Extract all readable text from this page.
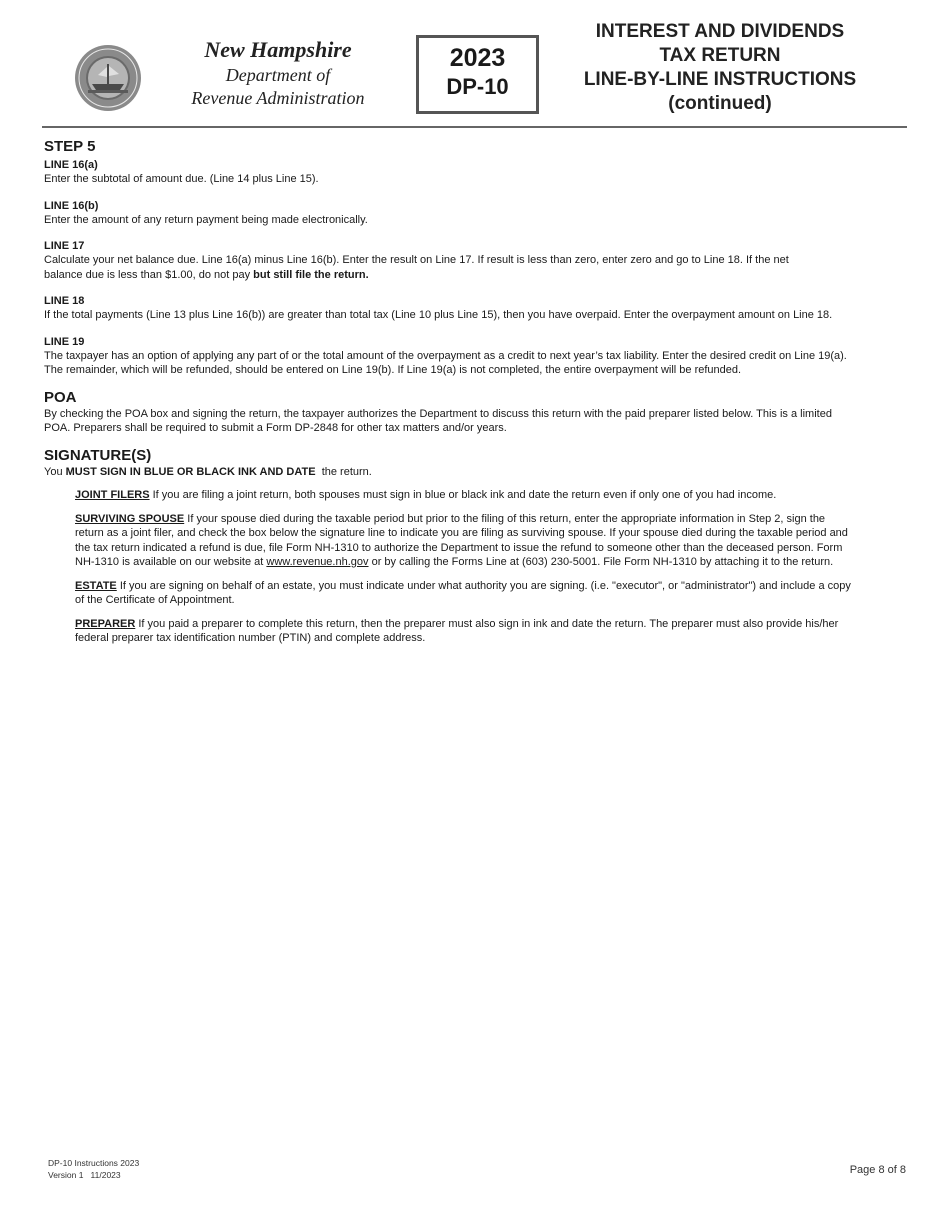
New Hampshire
Department of
Revenue Administration
2023
DP-10
INTEREST AND DIVIDENDS
TAX RETURN
LINE-BY-LINE INSTRUCTIONS
(continued)
STEP 5
LINE 16(a)

Enter the subtotal of amount due. (Line 14 plus Line 15).

LINE 16(b)

Enter the amount of any return payment being made electronically.

LINE 17

Calculate your net balance due. Line 16(a) minus Line 16(b). Enter the result on Line 17. If result is less than zero, enter zero and go to Line 18. If the net

balance due is less than $1.00, do not pay but still file the return.

LINE 18

If the total payments (Line 13 plus Line 16(b)) are greater than total tax (Line 10 plus Line 15), then you have overpaid. Enter the overpayment amount on Line 18.

LINE 19

The taxpayer has an option of applying any part of or the total amount of the overpayment as a credit to next year’s tax liability. Enter the desired credit on Line 19(a).

The remainder, which will be refunded, should be entered on Line 19(b). If Line 19(a) is not completed, the entire overpayment will be refunded.

POA

By checking the POA box and signing the return, the taxpayer authorizes the Department to discuss this return with the paid preparer listed below. This is a limited

POA. Preparers shall be required to submit a Form DP-2848 for other tax matters and/or years.

SIGNATURE(S)

You MUST SIGN IN BLUE OR BLACK INK AND DATE  the return.

JOINT FILERS If you are filing a joint return, both spouses must sign in blue or black ink and date the return even if only one of you had income.

SURVIVING SPOUSE If your spouse died during the taxable period but prior to the filing of this return, enter the appropriate information in Step 2, sign the

return as a joint filer, and check the box below the signature line to indicate you are filing as surviving spouse. If your spouse died during the taxable period and

the tax return indicated a refund is due, file Form NH-1310 to authorize the Department to issue the refund to someone other than the deceased person. Form

NH-1310 is available on our website at www.revenue.nh.gov or by calling the Forms Line at (603) 230-5001. File Form NH-1310 by attaching it to the return.

ESTATE If you are signing on behalf of an estate, you must indicate under what authority you are signing. (i.e. "executor", or "administrator") and include a copy

of the Certificate of Appointment.

PREPARER If you paid a preparer to complete this return, then the preparer must also sign in ink and date the return. The preparer must also provide his/her

federal preparer tax identification number (PTIN) and complete address.

DP-10 Instructions 2023
Version 1   11/2023	Page 8 of 8
